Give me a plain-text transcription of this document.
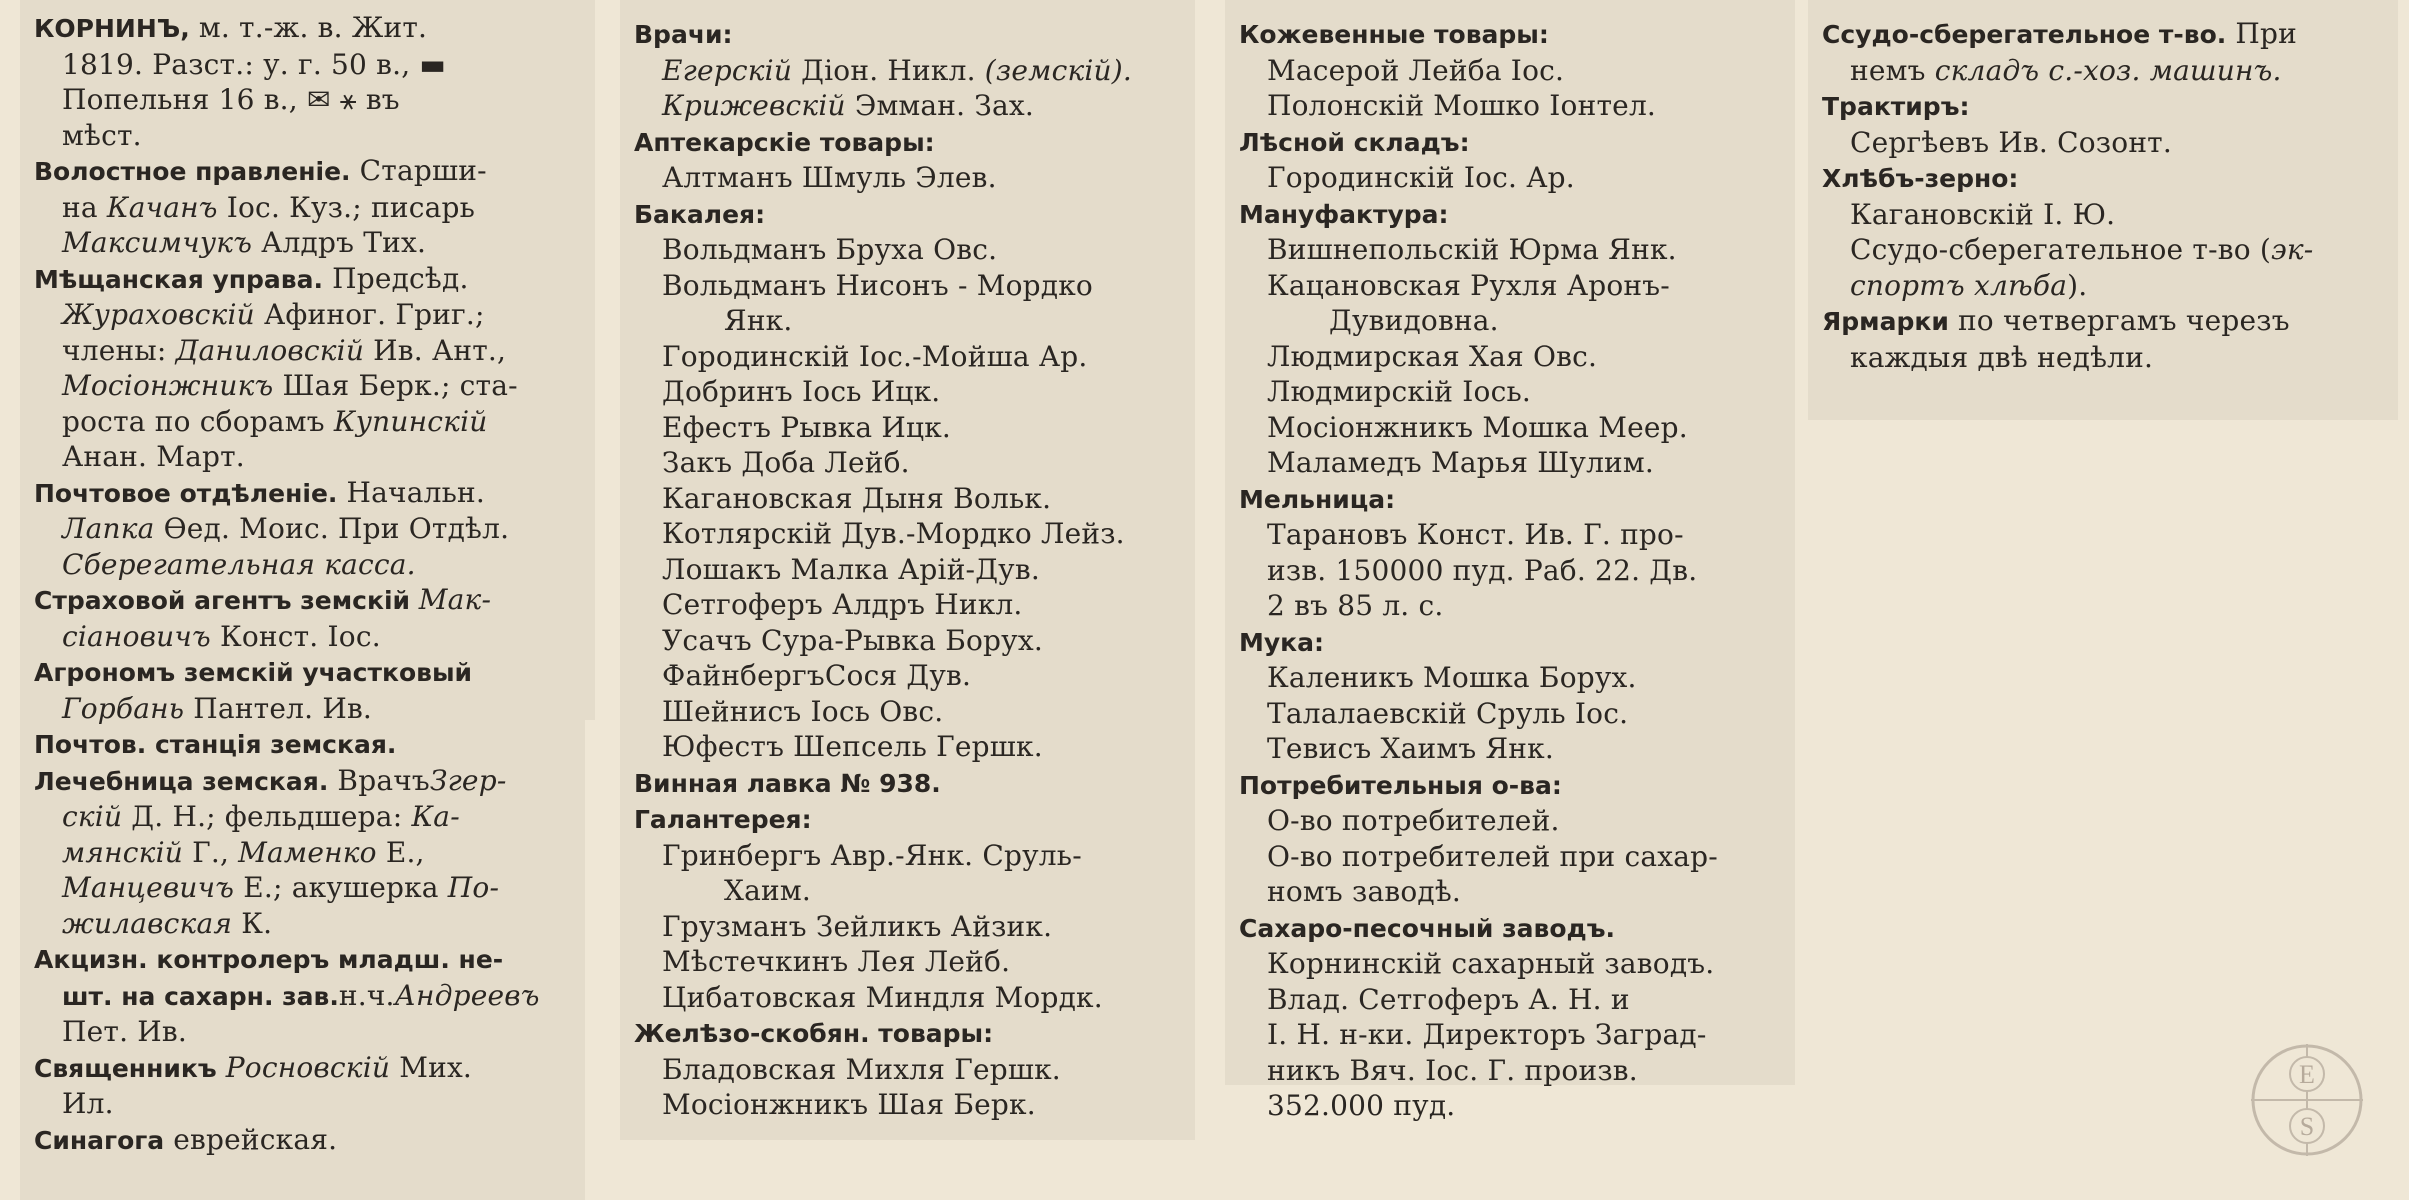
КОРНИНЪ, м. т.-ж. в. Жит.
1819. Разст.: у. г. 50 в., ▬
Попельня 16 в., ✉ ⚹ въ
мѣст.
Волостное правленiе. Старши-
на Качанъ Iос. Куз.; писарь
Максимчукъ Алдръ Тих.
Мѣщанская управа. Предсѣд.
Жураховскiй Афиног. Григ.;
члены: Даниловскiй Ив. Ант.,
Мосiонжникъ Шая Берк.; ста-
роста по сборамъ Купинскiй
Анан. Март.
Почтовое отдѣленiе. Начальн.
Лапка Ѳед. Моис. При Отдѣл.
Сберегательная касса.
Страховой агентъ земскiй Мак-
сiановичъ Конст. Iос.
Агрономъ земскiй участковый
Горбань Пантел. Ив.
Почтов. станцiя земская.
Лечебница земская. ВрачъЗгер-
скiй Д. Н.; фельдшера: Ка-
мянскiй Г., Маменко Е.,
Манцевичъ Е.; акушерка По-
жилавская К.
Акцизн. контролеръ младш. не-
шт. на сахарн. зав.н.ч.Андреевъ
Пет. Ив.
Священникъ Росновскiй Мих.
Ил.
Синагога еврейская.

Врачи:
Егерскiй Дiон. Никл. (земскiй).
Крижевскiй Эмман. Зах.
Аптекарскiе товары:
Алтманъ Шмуль Элев.
Бакалея:
Вольдманъ Бруха Овс.
Вольдманъ Нисонъ - Мордко
Янк.
Городинскiй Iос.-Мойша Ар.
Добринъ Iось Ицк.
Ефестъ Рывка Ицк.
Закъ Доба Лейб.
Кагановская Дыня Вольк.
Котлярскiй Дув.-Мордко Лейз.
Лошакъ Малка Арiй-Дув.
Сетгоферъ Алдръ Никл.
Усачъ Сура-Рывка Борух.
ФайнбергъСося Дув.
Шейнисъ Iось Овс.
Юфестъ Шепсель Гершк.
Винная лавка № 938.
Галантерея:
Гринбергъ Авр.-Янк. Сруль-
Хаим.
Грузманъ Зейликъ Айзик.
Мѣстечкинъ Лея Лейб.
Цибатовская Миндля Мордк.
Желѣзо-скобян. товары:
Бладовская Михля Гершк.
Мосiонжникъ Шая Берк.

Кожевенные товары:
Масерой Лейба Iос.
Полонскiй Мошко Iонтел.
Лѣсной складъ:
Городинскiй Iос. Ар.
Мануфактура:
Вишнепольскiй Юрма Янк.
Кацановская Рухля Аронъ-
Дувидовна.
Людмирская Хая Овс.
Людмирскiй Iось.
Мосiонжникъ Мошка Меер.
Маламедъ Марья Шулим.
Мельница:
Тарановъ Конст. Ив. Г. про-
изв. 150000 пуд. Раб. 22. Дв.
2 въ 85 л. с.
Мука:
Калeникъ Мошка Борух.
Талалаевскiй Сруль Iос.
Тевисъ Хаимъ Янк.
Потребительныя о-ва:
О-во потребителей.
О-во потребителей при сахар-
номъ заводѣ.
Сахаро-песочный заводъ.
Корнинскiй сахарный заводъ.
Влад. Сетгоферъ А. Н. и
I. Н. н-ки. Директоръ Заград-
никъ Вяч. Iос. Г. произв.
352.000 пуд.

Ссудо-сберегательное т-во. При
немъ складъ с.-хоз. машинъ.
Трактиръ:
Сергѣевъ Ив. Созонт.
Хлѣбъ-зерно:
Кагановскiй I. Ю.
Ссудо-сберегательное т-во (эк-
спортъ хлѣба).
Ярмарки по четвергамъ черезъ
каждыя двѣ недѣли.
E
S
